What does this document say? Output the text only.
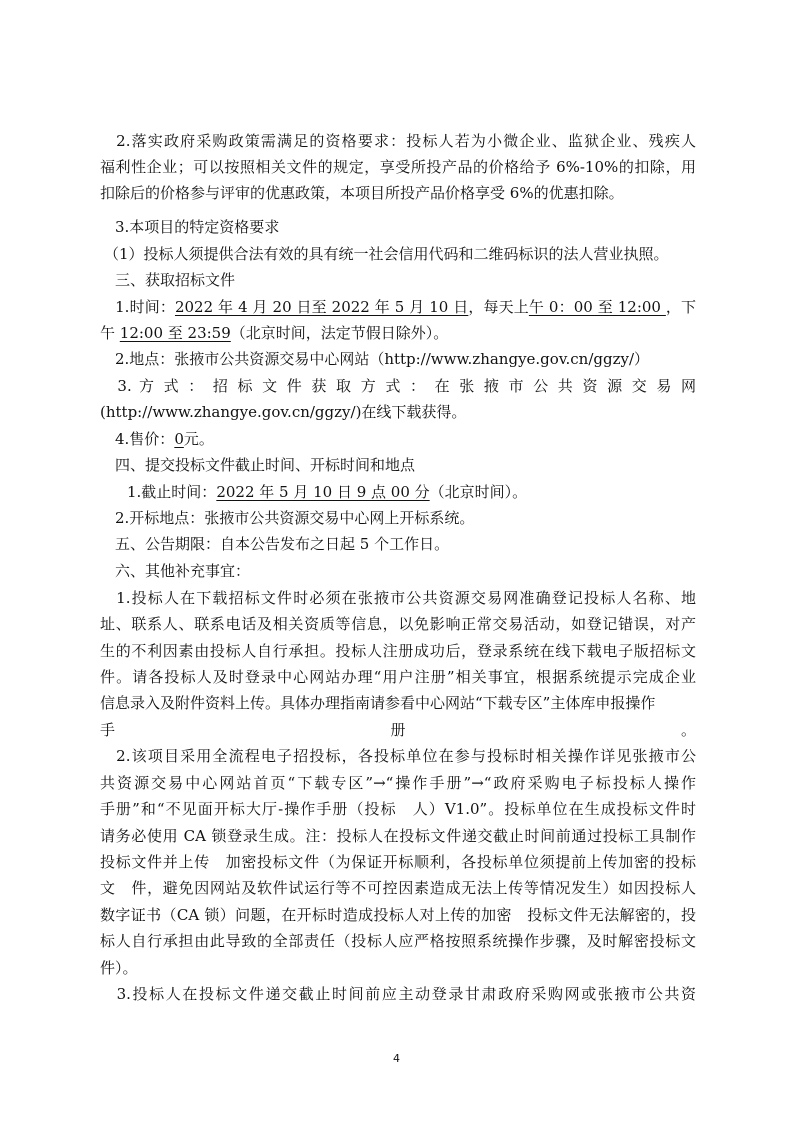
　2.落实政府采购政策需满足的资格要求：投标人若为小微企业、监狱企业、残疾人
福利性企业；可以按照相关文件的规定，享受所投产品的价格给予 6%-10%的扣除，用
扣除后的价格参与评审的优惠政策，本项目所投产品价格享受 6%的优惠扣除。
　3.本项目的特定资格要求
（1）投标人须提供合法有效的具有统一社会信用代码和二维码标识的法人营业执照。
　三、获取招标文件
　1.时间：2022 年 4 月 20 日至 2022 年 5 月 10 日，每天上午 0：00 至 12:00 ，下
午 12:00 至 23:59（北京时间，法定节假日除外）。
　2.地点：张掖市公共资源交易中心网站（http://www.zhangye.gov.cn/ggzy/）
　3. 方 式 ： 招 标 文 件 获 取 方 式 ： 在 张 掖 市 公 共 资 源 交 易 网
(http://www.zhangye.gov.cn/ggzy/)在线下载获得。
　4.售价：0元。
　四、提交投标文件截止时间、开标时间和地点
　1.截止时间：2022 年 5 月 10 日 9 点 00 分（北京时间）。
　2.开标地点：张掖市公共资源交易中心网上开标系统。
　五、公告期限：自本公告发布之日起 5 个工作日。
　六、其他补充事宜：
　1.投标人在下载招标文件时必须在张掖市公共资源交易网准确登记投标人名称、地
址、联系人、联系电话及相关资质等信息，以免影响正常交易活动，如登记错误，对产
生的不利因素由投标人自行承担。投标人注册成功后，登录系统在线下载电子版招标文
件。请各投标人及时登录中心网站办理“用户注册”相关事宜，根据系统提示完成企业
信息录入及附件资料上传。具体办理指南请参看中心网站“下载专区”主体库申报操作
手册。
　2.该项目采用全流程电子招投标，各投标单位在参与投标时相关操作详见张掖市公
共资源交易中心网站首页“下载专区”→“操作手册”→“政府采购电子标投标人操作
手册”和“不见面开标大厅-操作手册（投标　人）V1.0”。投标单位在生成投标文件时
请务必使用 CA 锁登录生成。注：投标人在投标文件递交截止时间前通过投标工具制作
投标文件并上传　加密投标文件（为保证开标顺利，各投标单位须提前上传加密的投标
文　件，避免因网站及软件试运行等不可控因素造成无法上传等情况发生）如因投标人
数字证书（CA 锁）问题，在开标时造成投标人对上传的加密　投标文件无法解密的，投
标人自行承担由此导致的全部责任（投标人应严格按照系统操作步骤，及时解密投标文
件）。
　3.投标人在投标文件递交截止时间前应主动登录甘肃政府采购网或张掖市公共资
4
